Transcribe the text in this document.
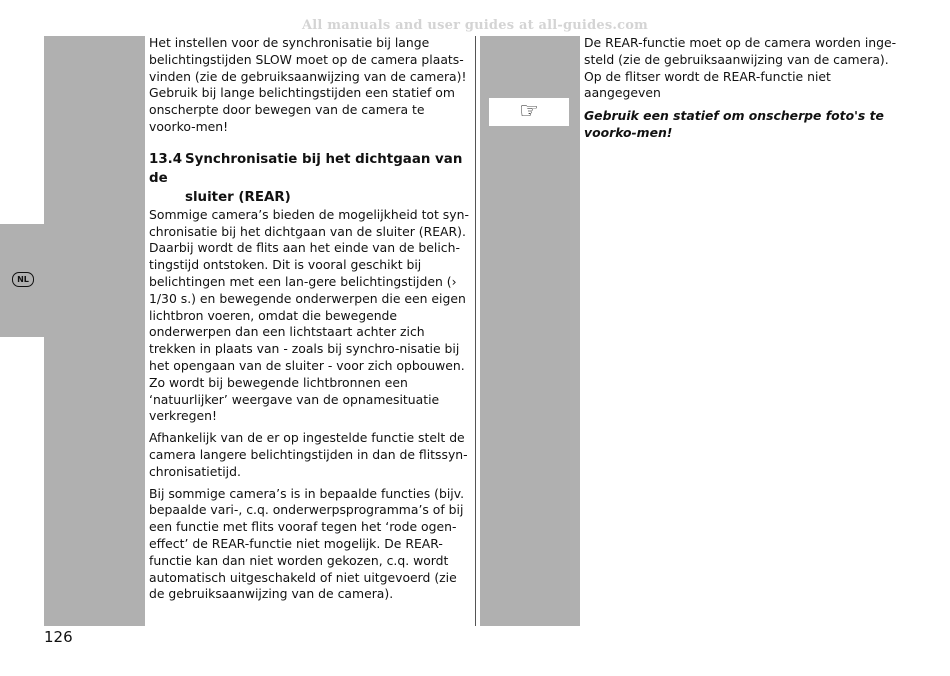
All manuals and user guides at all-guides.com
NL

Het instellen voor de synchronisatie bij lange belichtingstijden SLOW moet op de camera plaats-vinden (zie de gebruiksaanwijzing van de camera)! Gebruik bij lange belichtingstijden een statief om onscherpte door bewegen van de camera te voorko-men!

13.4 Synchronisatie bij het dichtgaan van de
sluiter (REAR)

Sommige camera’s bieden de mogelijkheid tot syn-chronisatie bij het dichtgaan van de sluiter (REAR). Daarbij wordt de flits aan het einde van de belich-tingstijd ontstoken. Dit is vooral geschikt bij belichtingen met een lan-gere belichtingstijden (› 1/30 s.) en bewegende onderwerpen die een eigen lichtbron voeren, omdat die bewegende onderwerpen dan een lichtstaart achter zich trekken in plaats van - zoals bij synchro-nisatie bij het opengaan van de sluiter - voor zich opbouwen. Zo wordt bij bewegende lichtbronnen een ‘natuurlijker’ weergave van de opnamesituatie verkregen!

Afhankelijk van de er op ingestelde functie stelt de camera langere belichtingstijden in dan de flitssyn-chronisatietijd.

Bij sommige camera’s is in bepaalde functies (bijv. bepaalde vari-, c.q. onderwerpsprogramma’s of bij een functie met flits vooraf tegen het ‘rode ogen-effect’ de REAR-functie niet mogelijk. De REAR-functie kan dan niet worden gekozen, c.q. wordt automatisch uitgeschakeld of niet uitgevoerd (zie de gebruiksaanwijzing van de camera).

☞

De REAR-functie moet op de camera worden inge-steld (zie de gebruiksaanwijzing van de camera). Op de flitser wordt de REAR-functie niet aangegeven

Gebruik een statief om onscherpe foto's te voorko-men!

126
